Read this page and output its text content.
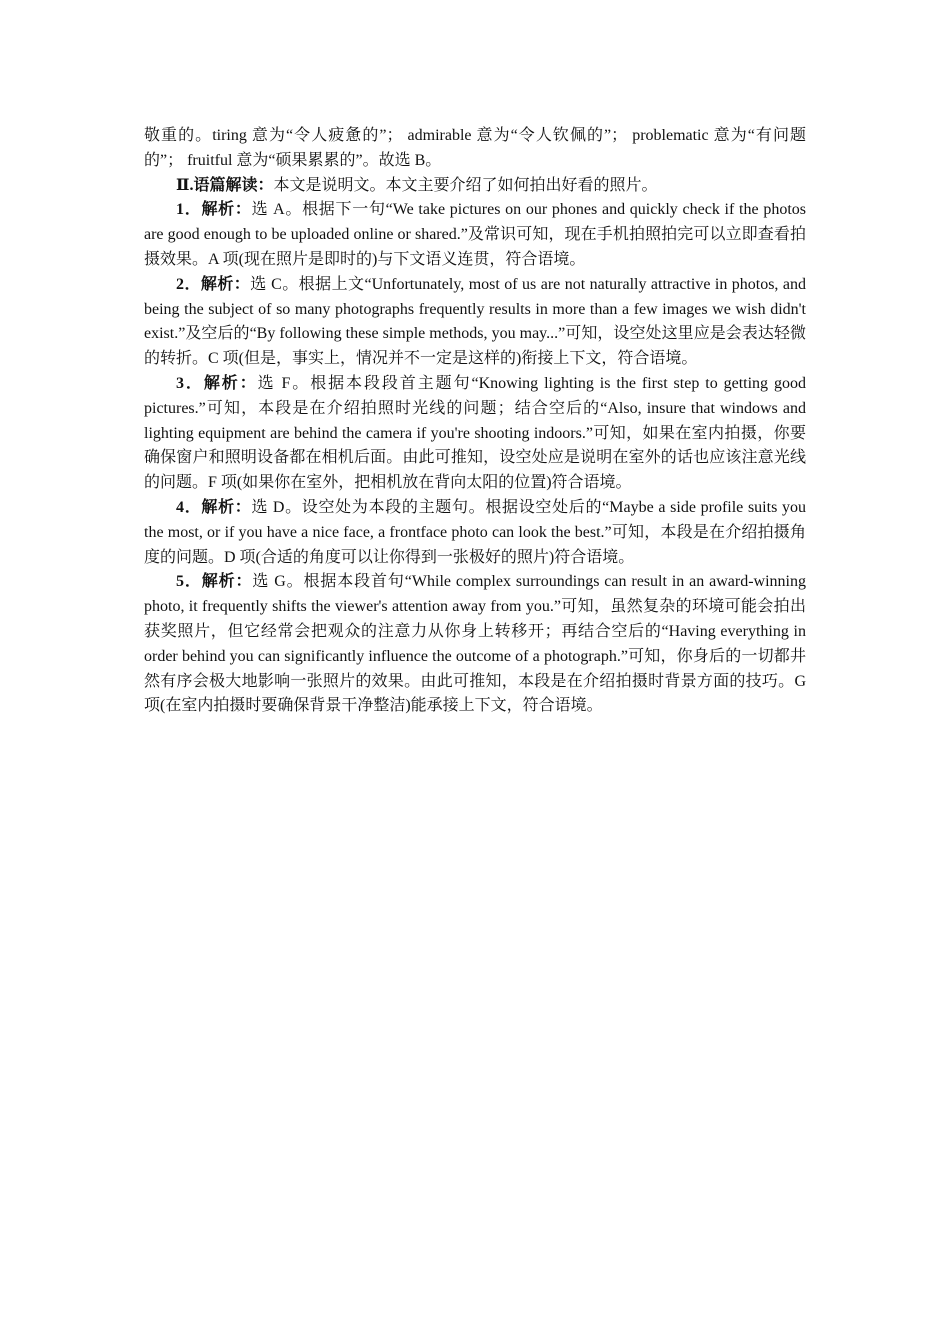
敬重的。tiring 意为“令人疲惫的”； admirable 意为“令人钦佩的”； problematic 意为“有问题的”； fruitful 意为“硕果累累的”。故选 B。

Ⅱ.语篇解读：本文是说明文。本文主要介绍了如何拍出好看的照片。

1．解析：选 A。根据下一句“We take pictures on our phones and quickly check if the photos are good enough to be uploaded online or shared.”及常识可知，现在手机拍照拍完可以立即查看拍摄效果。A 项(现在照片是即时的)与下文语义连贯，符合语境。

2．解析：选 C。根据上文“Unfortunately, most of us are not naturally attractive in photos, and being the subject of so many photographs frequently results in more than a few images we wish didn't exist.”及空后的“By following these simple methods, you may...”可知，设空处这里应是会表达轻微的转折。C 项(但是，事实上，情况并不一定是这样的)衔接上下文，符合语境。

3．解析：选 F。根据本段段首主题句“Knowing lighting is the first step to getting good pictures.”可知，本段是在介绍拍照时光线的问题；结合空后的“Also, insure that windows and lighting equipment are behind the camera if you're shooting indoors.”可知，如果在室内拍摄，你要确保窗户和照明设备都在相机后面。由此可推知，设空处应是说明在室外的话也应该注意光线的问题。F 项(如果你在室外，把相机放在背向太阳的位置)符合语境。

4．解析：选 D。设空处为本段的主题句。根据设空处后的“Maybe a side profile suits you the most, or if you have a nice face, a frontface photo can look the best.”可知，本段是在介绍拍摄角度的问题。D 项(合适的角度可以让你得到一张极好的照片)符合语境。

5．解析：选 G。根据本段首句“While complex surroundings can result in an award-winning photo, it frequently shifts the viewer's attention away from you.”可知，虽然复杂的环境可能会拍出获奖照片，但它经常会把观众的注意力从你身上转移开；再结合空后的“Having everything in order behind you can significantly influence the outcome of a photograph.”可知，你身后的一切都井然有序会极大地影响一张照片的效果。由此可推知，本段是在介绍拍摄时背景方面的技巧。G 项(在室内拍摄时要确保背景干净整洁)能承接上下文，符合语境。
